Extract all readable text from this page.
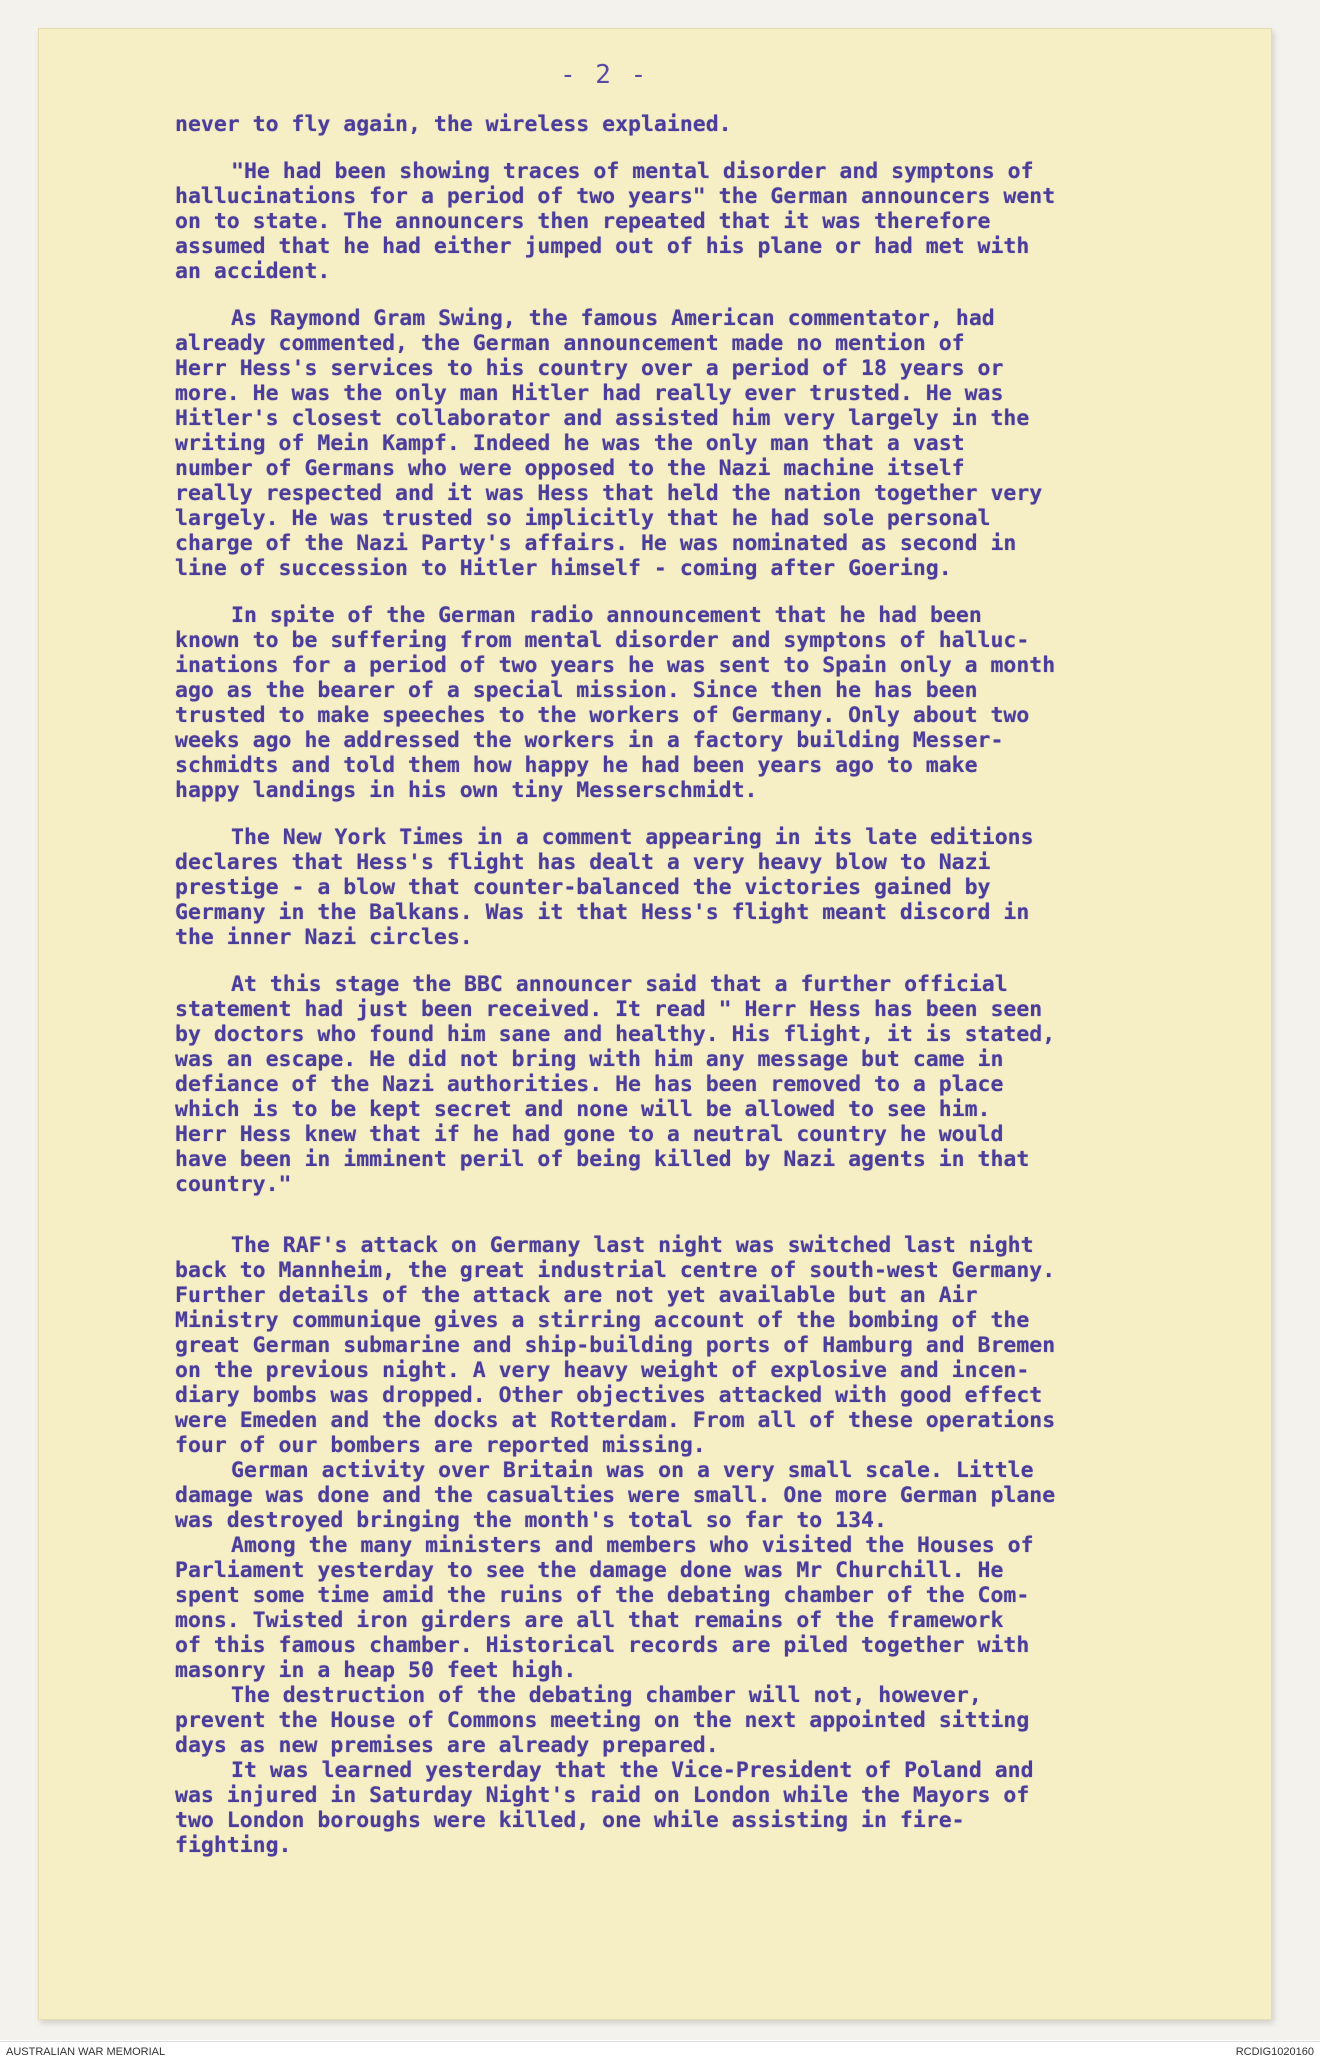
- 2 -
never to fly again, the wireless explained.
"He had been showing traces of mental disorder and symptons of
hallucinations for a period of two years" the German announcers went
on to state. The announcers then repeated that it was therefore
assumed that he had either jumped out of his plane or had met with
an accident.
As Raymond Gram Swing, the famous American commentator, had
already commented, the German announcement made no mention of
Herr Hess's services to his country over a period of 18 years or
more. He was the only man Hitler had really ever trusted. He was
Hitler's closest collaborator and assisted him very largely in the
writing of Mein Kampf. Indeed he was the only man that a vast
number of Germans who were opposed to the Nazi machine itself
really respected and it was Hess that held the nation together very
largely. He was trusted so implicitly that he had sole personal
charge of the Nazi Party's affairs. He was nominated as second in
line of succession to Hitler himself - coming after Goering.
In spite of the German radio announcement that he had been
known to be suffering from mental disorder and symptons of halluc-
inations for a period of two years he was sent to Spain only a month
ago as the bearer of a special mission. Since then he has been
trusted to make speeches to the workers of Germany. Only about two
weeks ago he addressed the workers in a factory building Messer-
schmidts and told them how happy he had been years ago to make
happy landings in his own tiny Messerschmidt.
The New York Times in a comment appearing in its late editions
declares that Hess's flight has dealt a very heavy blow to Nazi
prestige - a blow that counter-balanced the victories gained by
Germany in the Balkans. Was it that Hess's flight meant discord in
the inner Nazi circles.
At this stage the BBC announcer said that a further official
statement had just been received. It read " Herr Hess has been seen
by doctors who found him sane and healthy. His flight, it is stated,
was an escape. He did not bring with him any message but came in
defiance of the Nazi authorities. He has been removed to a place
which is to be kept secret and none will be allowed to see him.
Herr Hess knew that if he had gone to a neutral country he would
have been in imminent peril of being killed by Nazi agents in that
country."
The RAF's attack on Germany last night was switched last night
back to Mannheim, the great industrial centre of south-west Germany.
Further details of the attack are not yet available but an Air
Ministry communique gives a stirring account of the bombing of the
great German submarine and ship-building ports of Hamburg and Bremen
on the previous night. A very heavy weight of explosive and incen-
diary bombs was dropped. Other objectives attacked with good effect
were Emeden and the docks at Rotterdam. From all of these operations
four of our bombers are reported missing.
German activity over Britain was on a very small scale. Little
damage was done and the casualties were small. One more German plane
was destroyed bringing the month's total so far to 134.
Among the many ministers and members who visited the Houses of
Parliament yesterday to see the damage done was Mr Churchill. He
spent some time amid the ruins of the debating chamber of the Com-
mons. Twisted iron girders are all that remains of the framework
of this famous chamber. Historical records are piled together with
masonry in a heap 50 feet high.
The destruction of the debating chamber will not, however,
prevent the House of Commons meeting on the next appointed sitting
days as new premises are already prepared.
It was learned yesterday that the Vice-President of Poland and
was injured in Saturday Night's raid on London while the Mayors of
two London boroughs were killed, one while assisting in fire-
fighting.
AUSTRALIAN WAR MEMORIAL	RCDIG1020160
